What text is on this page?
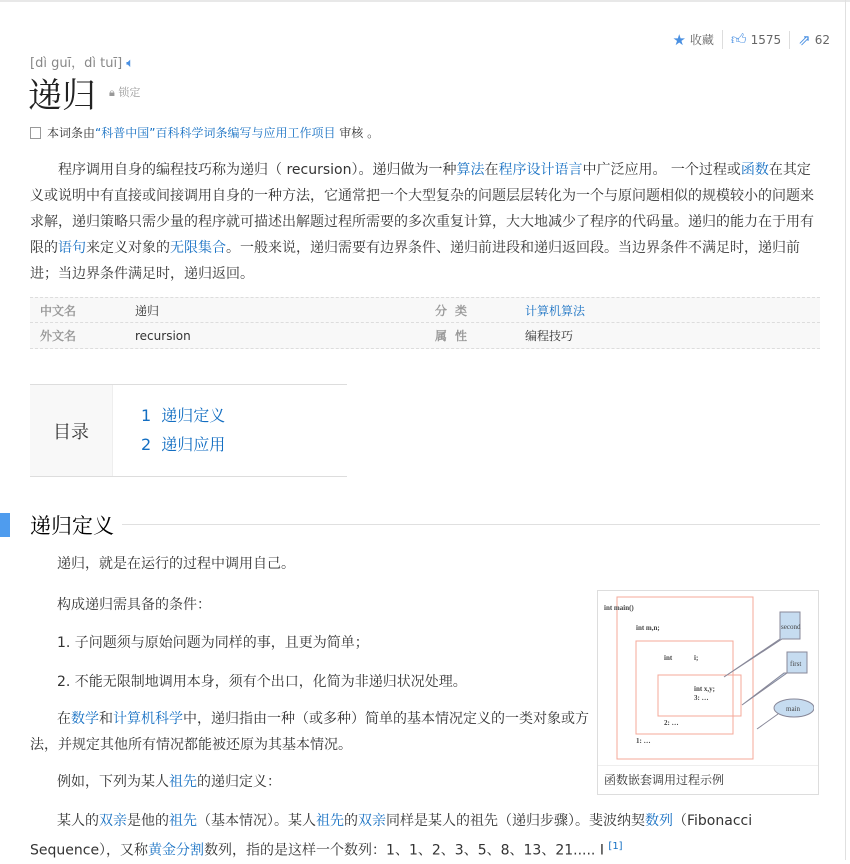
★ 收藏 👍︎ 1575 ⇗ 62
[dì guī，dì tuī] 🔈︎
递归 🔒︎ 锁定
本词条由“科普中国”百科科学词条编写与应用工作项目 审核 。
程序调用自身的编程技巧称为递归（ recursion）。递归做为一种算法在程序设计语言中广泛应用。 一个过程或函数在其定义或说明中有直接或间接调用自身的一种方法，它通常把一个大型复杂的问题层层转化为一个与原问题相似的规模较小的问题来求解，递归策略只需少量的程序就可描述出解题过程所需要的多次重复计算，大大地减少了程序的代码量。递归的能力在于用有限的语句来定义对象的无限集合。一般来说，递归需要有边界条件、递归前进段和递归返回段。当边界条件不满足时，递归前进；当边界条件满足时，递归返回。
中文名	递归	分类	计算机算法
外文名	recursion	属性	编程技巧
目录
1 递归定义
2 递归应用
递归定义
递归，就是在运行的过程中调用自己。
构成递归需具备的条件：
1. 子问题须与原始问题为同样的事，且更为简单；
2. 不能无限制地调用本身，须有个出口，化简为非递归状况处理。
在数学和计算机科学中，递归指由一种（或多种）简单的基本情况定义的一类对象或方法，并规定其他所有情况都能被还原为其基本情况。
例如，下列为某人祖先的递归定义：
某人的双亲是他的祖先（基本情况）。某人祖先的双亲同样是某人的祖先（递归步骤）。斐波纳契数列（Fibonacci Sequence），又称黄金分割数列，指的是这样一个数列：1、1、2、3、5、8、13、21..... I [1]
int main()
int m,n;
int	i;
int x,y;
3: …
2: …
1: …
second
first
main
函数嵌套调用过程示例
